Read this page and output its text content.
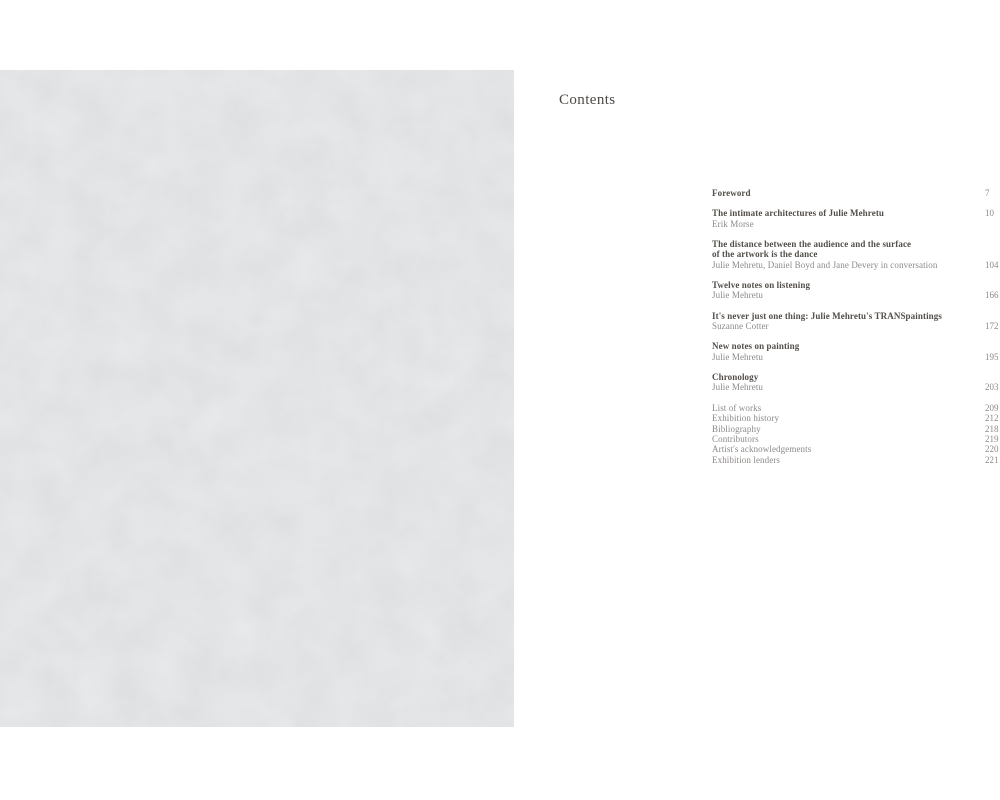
Contents
Foreword	7
The intimate architectures of Julie Mehretu	10
Erik Morse
The distance between the audience and the surface
of the artwork is the dance
Julie Mehretu, Daniel Boyd and Jane Devery in conversation	104
Twelve notes on listening
Julie Mehretu	166
It's never just one thing: Julie Mehretu's TRANSpaintings
Suzanne Cotter	172
New notes on painting
Julie Mehretu	195
Chronology
Julie Mehretu	203
List of works	209
Exhibition history	212
Bibliography	218
Contributors	219
Artist's acknowledgements	220
Exhibition lenders	221
